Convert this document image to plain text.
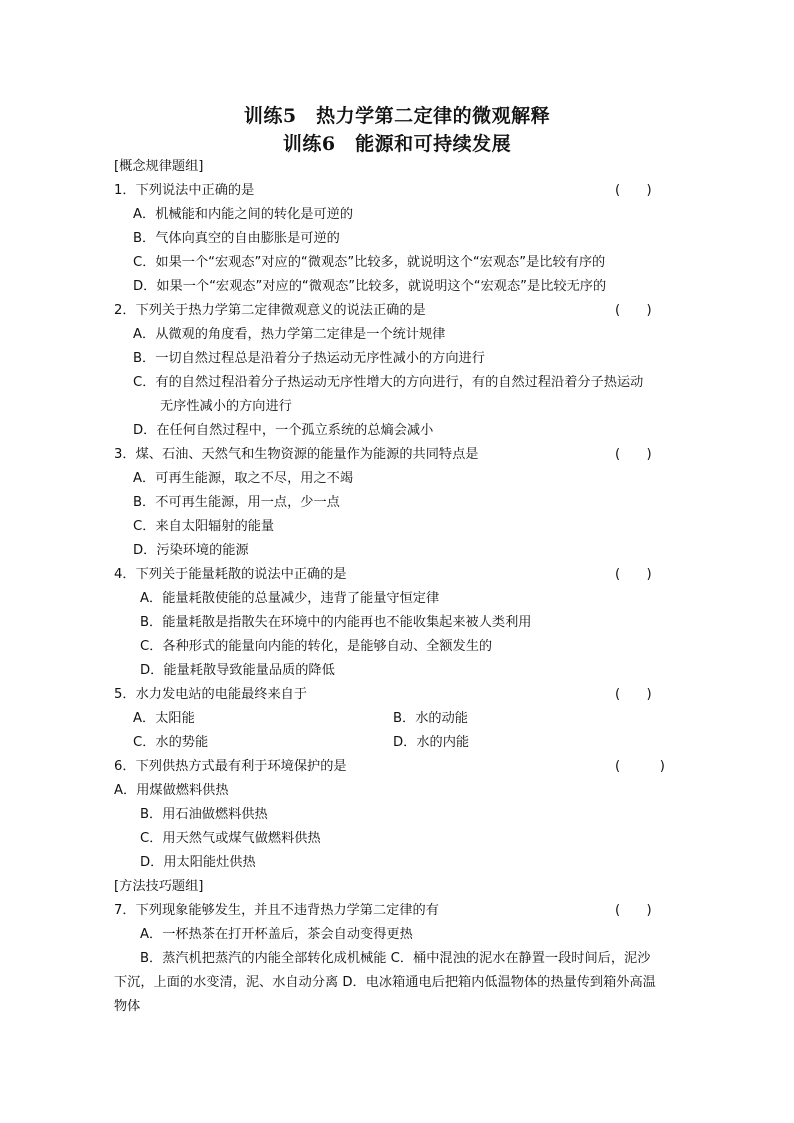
训练5　热力学第二定律的微观解释
训练6　能源和可持续发展
[概念规律题组]
1．下列说法中正确的是	(　　)
A．机械能和内能之间的转化是可逆的
B．气体向真空的自由膨胀是可逆的
C．如果一个“宏观态”对应的“微观态”比较多，就说明这个“宏观态”是比较有序的
D．如果一个“宏观态”对应的“微观态”比较多，就说明这个“宏观态”是比较无序的
2．下列关于热力学第二定律微观意义的说法正确的是	(　　)
A．从微观的角度看，热力学第二定律是一个统计规律
B．一切自然过程总是沿着分子热运动无序性减小的方向进行
C．有的自然过程沿着分子热运动无序性增大的方向进行，有的自然过程沿着分子热运动
无序性减小的方向进行
D．在任何自然过程中，一个孤立系统的总熵会减小
3．煤、石油、天然气和生物资源的能量作为能源的共同特点是	(　　)
A．可再生能源，取之不尽，用之不竭
B．不可再生能源，用一点，少一点
C．来自太阳辐射的能量
D．污染环境的能源
4．下列关于能量耗散的说法中正确的是	(　　)
A．能量耗散使能的总量减少，违背了能量守恒定律
B．能量耗散是指散失在环境中的内能再也不能收集起来被人类利用
C．各种形式的能量向内能的转化，是能够自动、全额发生的
D．能量耗散导致能量品质的降低
5．水力发电站的电能最终来自于	(　　)
A．太阳能	B．水的动能
C．水的势能	D．水的内能
6．下列供热方式最有利于环境保护的是	(　　　)
A．用煤做燃料供热
B．用石油做燃料供热
C．用天然气或煤气做燃料供热
D．用太阳能灶供热
[方法技巧题组]
7．下列现象能够发生，并且不违背热力学第二定律的有	(　　)
A．一杯热茶在打开杯盖后，茶会自动变得更热
B．蒸汽机把蒸汽的内能全部转化成机械能 C．桶中混浊的泥水在静置一段时间后，泥沙
下沉，上面的水变清，泥、水自动分离 D．电冰箱通电后把箱内低温物体的热量传到箱外高温
物体
